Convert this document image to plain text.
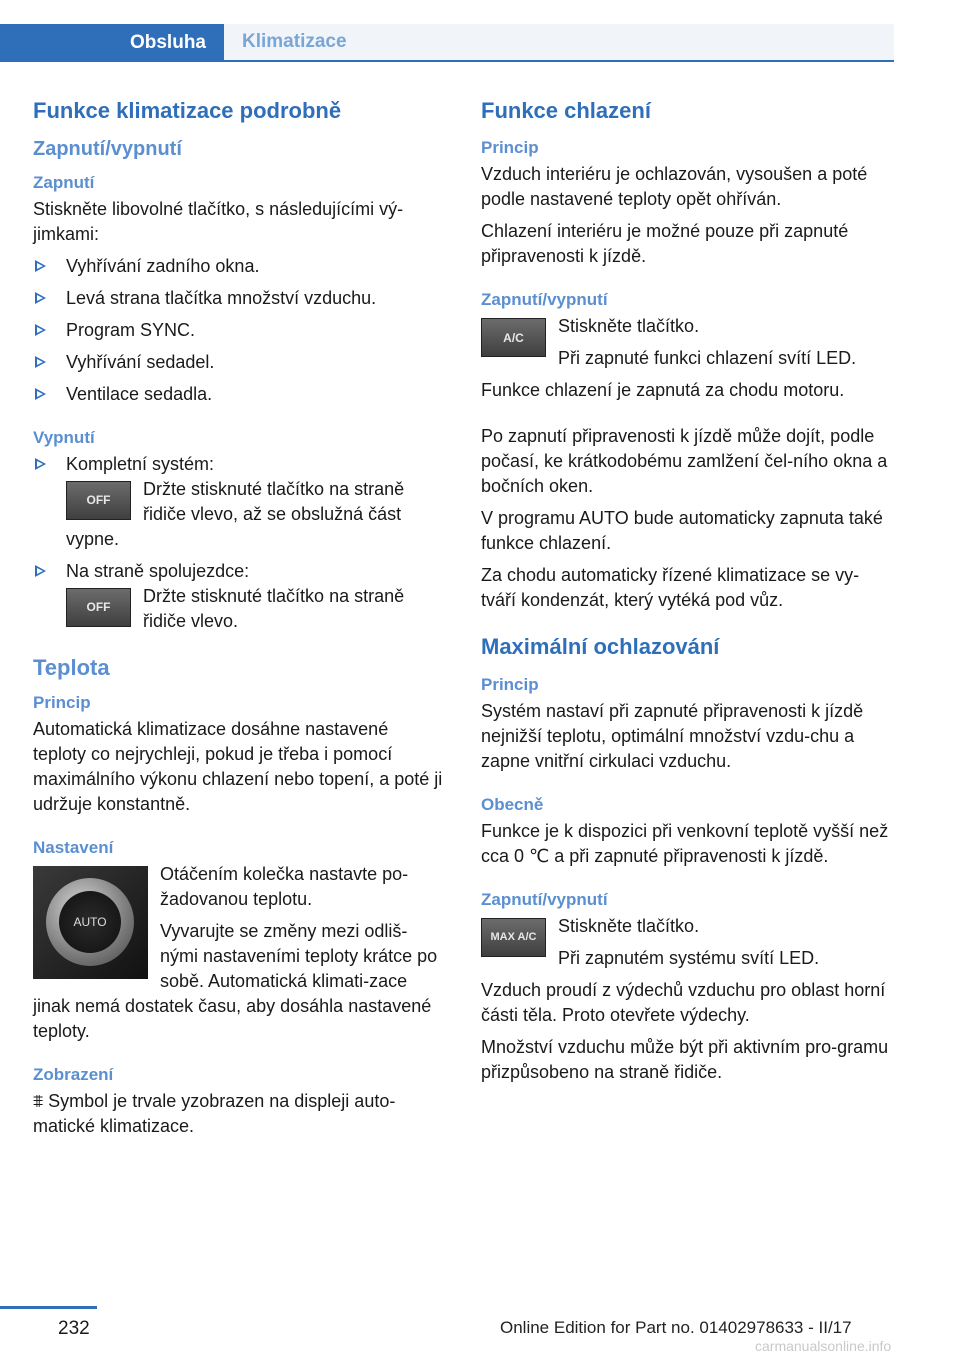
Obsluha	Klimatizace
Funkce klimatizace podrobně
Zapnutí/vypnutí
Zapnutí

Stiskněte libovolné tlačítko, s následujícími vý‐jimkami:

Vyhřívání zadního okna.
Levá strana tlačítka množství vzduchu.
Program SYNC.
Vyhřívání sedadel.
Ventilace sedadla.
Vypnutí
Kompletní systém:
OFF
Držte stisknuté tlačítko na straně řidiče vlevo, až se obslužná část vypne.
Na straně spolujezdce:
OFF
Držte stisknuté tlačítko na straně řidiče vlevo.
Teplota
Princip

Automatická klimatizace dosáhne nastavené teploty co nejrychleji, pokud je třeba i pomocí maximálního výkonu chlazení nebo topení, a poté ji udržuje konstantně.

Nastavení
AUTO

Otáčením kolečka nastavte po‐žadovanou teplotu.

Vyvarujte se změny mezi odliš‐nými nastaveními teploty krátce po sobě. Automatická klimati‐zace jinak nemá dostatek času, aby dosáhla nastavené teploty.

Zobrazení

⩨ Symbol je trvale yzobrazen na displeji auto‐matické klimatizace.

Funkce chlazení
Princip

Vzduch interiéru je ochlazován, vysoušen a poté podle nastavené teploty opět ohříván.

Chlazení interiéru je možné pouze při zapnuté připravenosti k jízdě.

Zapnutí/vypnutí
A/C

Stiskněte tlačítko.

Při zapnuté funkci chlazení svítí LED.

Funkce chlazení je zapnutá za chodu motoru.

Po zapnutí připravenosti k jízdě může dojít, podle počasí, ke krátkodobému zamlžení čel‐ního okna a bočních oken.

V programu AUTO bude automaticky zapnuta také funkce chlazení.

Za chodu automaticky řízené klimatizace se vy‐tváří kondenzát, který vytéká pod vůz.

Maximální ochlazování
Princip

Systém nastaví při zapnuté připravenosti k jízdě nejnižší teplotu, optimální množství vzdu‐chu a zapne vnitřní cirkulaci vzduchu.

Obecně

Funkce je k dispozici při venkovní teplotě vyšší než cca 0 ℃ a při zapnuté připravenosti k jízdě.

Zapnutí/vypnutí
MAX A/C

Stiskněte tlačítko.

Při zapnutém systému svítí LED.

Vzduch proudí z výdechů vzduchu pro oblast horní části těla. Proto otevřete výdechy.

Množství vzduchu může být při aktivním pro‐gramu přizpůsobeno na straně řidiče.

232	Online Edition for Part no. 01402978633 - II/17
carmanualsonline.info
